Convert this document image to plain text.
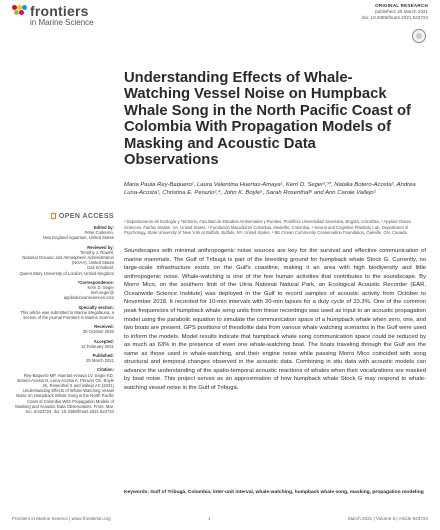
frontiers
in Marine Science
ORIGINAL RESEARCH
published: 25 March 2021
doi: 10.3389/fmars.2021.623724
Understanding Effects of Whale-Watching Vessel Noise on Humpback Whale Song in the North Pacific Coast of Colombia With Propagation Models of Masking and Acoustic Data Observations
Maria Paula Rey-Baquero¹, Laura Valentina Huertas-Amaya¹, Kerri D. Seger²,³*, Natalia Botero-Acosta², Andrea Luna-Acosta¹, Christina E. Perazio²,⁴, John K. Boyle⁵, Sarah Rosenthal⁶ and Ann Carole Vallejo²
¹ Departamento de Ecología y Territorio, Facultad de Estudios Ambientales y Rurales, Pontificia Universidad Javeriana, Bogotá, Colombia, ² Applied Ocean Sciences, Fairfax Station, VA, United States, ³ Fundación Macuáticos Colombia, Medellín, Colombia, ⁴ Neural and Cognitive Plasticity Lab, Department of Psychology, State University of New York at Buffalo, Buffalo, NY, United States, ⁵ BE Ocean Community Conservation Foundation, Oakville, ON, Canada
OPEN ACCESS
Edited by:
Peter Corkeron,
New England Aquarium, United States
Reviewed by:
Timothy J. Rowell,
National Oceanic and Atmospheric Administration (NOAA), United States
Gail Schofield,
Queen Mary University of London, United Kingdom
*Correspondence:
Kerri D. Seger
kerr.seger@
appliedoceansciences.com
Specialty section:
This article was submitted to Marine Megafauna, a section of the journal Frontiers in Marine Science
Received:
30 October 2020
Accepted:
12 February 2021
Published:
25 March 2021
Citation:
Rey-Baquero MP, Huertas-Amaya LV, Seger KD, Botero-Acosta N, Luna-Acosta A, Perazio CE, Boyle JK, Rosenthal S and Vallejo AC (2021) Understanding Effects of Whale-Watching Vessel Noise on Humpback Whale Song in the North Pacific Coast of Colombia With Propagation Models of Masking and Acoustic Data Observations. Front. Mar. Sci. 8:623724. doi: 10.3389/fmars.2021.623724
Soundscapes with minimal anthropogenic noise sources are key for the survival and effective communication of marine mammals. The Gulf of Tribugá is part of the breeding ground for humpback whale Stock G. Currently, no large-scale infrastructure exists on the Gulf's coastline, making it an area with high biodiversity and little anthropogenic noise. Whale-watching is one of the few human activities that contributes to the soundscape. By Morro Mico, on the southern limit of the Utría National Natural Park, an Ecological Acoustic Recorder (EAR, Oceanwide Science Institute) was deployed in the Gulf to record samples of acoustic activity from October to November 2018. It recorded for 10-min intervals with 20-min lapses for a duty cycle of 33.3%. One of the common peak frequencies of humpback whale song units from these recordings was used as input to an acoustic propagation model using the parabolic equation to simulate the communication space of a humpback whale when zero, one, and two boats are present. GPS positions of theodolite data from various whale watching scenarios in the Gulf were used to inform the models. Model results indicate that humpback whale song communication space could be reduced by as much as 63% in the presence of even one whale-watching boat. The boats traveling through the Gulf are the same as those used in whale-watching, and their engine noise while passing Morro Mico coincided with song structural and temporal changes observed in the acoustic data. Combining in situ data with acoustic models can advance the understanding of the spatio-temporal acoustic reactions of whales when their vocalizations are masked by boat noise. This project serves as an approximation of how humpback whale Stock G may respond to whale-watching vessel noise in the Gulf of Tribugá.
Keywords: Gulf of Tribugá, Colombia, inter-unit interval, whale-watching, humpback whale song, masking, propagation modeling
Frontiers in Marine Science | www.frontiersin.org	1	March 2021 | Volume 8 | Article 623724
